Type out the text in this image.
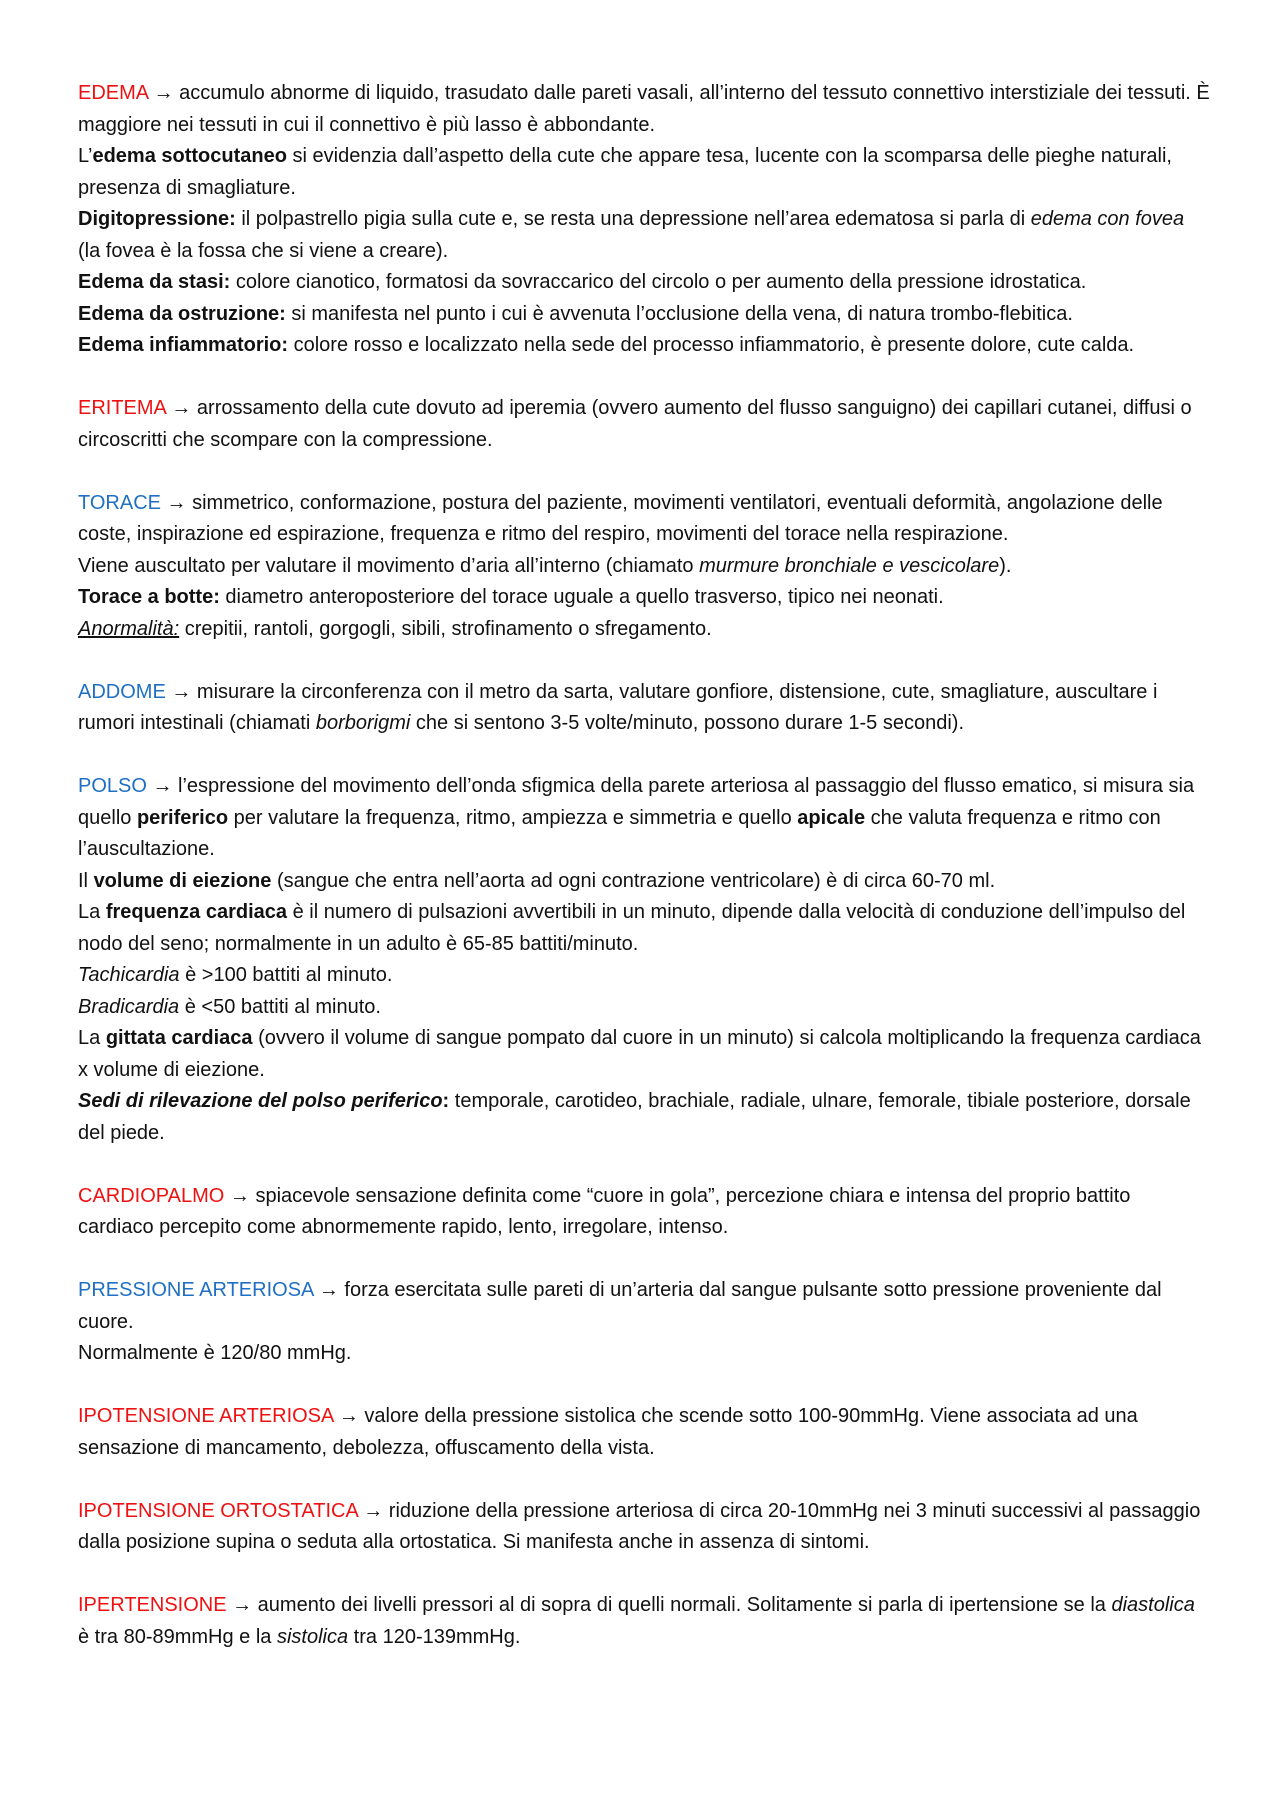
EDEMA → accumulo abnorme di liquido, trasudato dalle pareti vasali, all’interno del tessuto connettivo interstiziale dei tessuti. È maggiore nei tessuti in cui il connettivo è più lasso è abbondante.

L’edema sottocutaneo si evidenzia dall’aspetto della cute che appare tesa, lucente con la scomparsa delle pieghe naturali, presenza di smagliature.

Digitopressione: il polpastrello pigia sulla cute e, se resta una depressione nell’area edematosa si parla di edema con fovea (la fovea è la fossa che si viene a creare).

Edema da stasi: colore cianotico, formatosi da sovraccarico del circolo o per aumento della pressione idrostatica.

Edema da ostruzione: si manifesta nel punto i cui è avvenuta l’occlusione della vena, di natura trombo-flebitica.

Edema infiammatorio: colore rosso e localizzato nella sede del processo infiammatorio, è presente dolore, cute calda.

ERITEMA → arrossamento della cute dovuto ad iperemia (ovvero aumento del flusso sanguigno) dei capillari cutanei, diffusi o circoscritti che scompare con la compressione.

TORACE → simmetrico, conformazione, postura del paziente, movimenti ventilatori, eventuali deformità, angolazione delle coste, inspirazione ed espirazione, frequenza e ritmo del respiro, movimenti del torace nella respirazione.

Viene auscultato per valutare il movimento d’aria all’interno (chiamato murmure bronchiale e vescicolare).

Torace a botte: diametro anteroposteriore del torace uguale a quello trasverso, tipico nei neonati.

Anormalità: crepitii, rantoli, gorgogli, sibili, strofinamento o sfregamento.

ADDOME → misurare la circonferenza con il metro da sarta, valutare gonfiore, distensione, cute, smagliature, auscultare i rumori intestinali (chiamati borborigmi che si sentono 3-5 volte/minuto, possono durare 1-5 secondi).

POLSO → l’espressione del movimento dell’onda sfigmica della parete arteriosa al passaggio del flusso ematico, si misura sia quello periferico per valutare la frequenza, ritmo, ampiezza e simmetria e quello apicale che valuta frequenza e ritmo con l’auscultazione.

Il volume di eiezione (sangue che entra nell’aorta ad ogni contrazione ventricolare) è di circa 60-70 ml.

La frequenza cardiaca è il numero di pulsazioni avvertibili in un minuto, dipende dalla velocità di conduzione dell’impulso del nodo del seno; normalmente in un adulto è 65-85 battiti/minuto.

Tachicardia è >100 battiti al minuto.

Bradicardia è <50 battiti al minuto.

La gittata cardiaca (ovvero il volume di sangue pompato dal cuore in un minuto) si calcola moltiplicando la frequenza cardiaca x volume di eiezione.

Sedi di rilevazione del polso periferico: temporale, carotideo, brachiale, radiale, ulnare, femorale, tibiale posteriore, dorsale del piede.

CARDIOPALMO → spiacevole sensazione definita come “cuore in gola”, percezione chiara e intensa del proprio battito cardiaco percepito come abnormemente rapido, lento, irregolare, intenso.

PRESSIONE ARTERIOSA → forza esercitata sulle pareti di un’arteria dal sangue pulsante sotto pressione proveniente dal cuore.

Normalmente è 120/80 mmHg.

IPOTENSIONE ARTERIOSA → valore della pressione sistolica che scende sotto 100-90mmHg. Viene associata ad una sensazione di mancamento, debolezza, offuscamento della vista.

IPOTENSIONE ORTOSTATICA → riduzione della pressione arteriosa di circa 20-10mmHg nei 3 minuti successivi al passaggio dalla posizione supina o seduta alla ortostatica. Si manifesta anche in assenza di sintomi.

IPERTENSIONE → aumento dei livelli pressori al di sopra di quelli normali. Solitamente si parla di ipertensione se la diastolica è tra 80-89mmHg e la sistolica tra 120-139mmHg.
